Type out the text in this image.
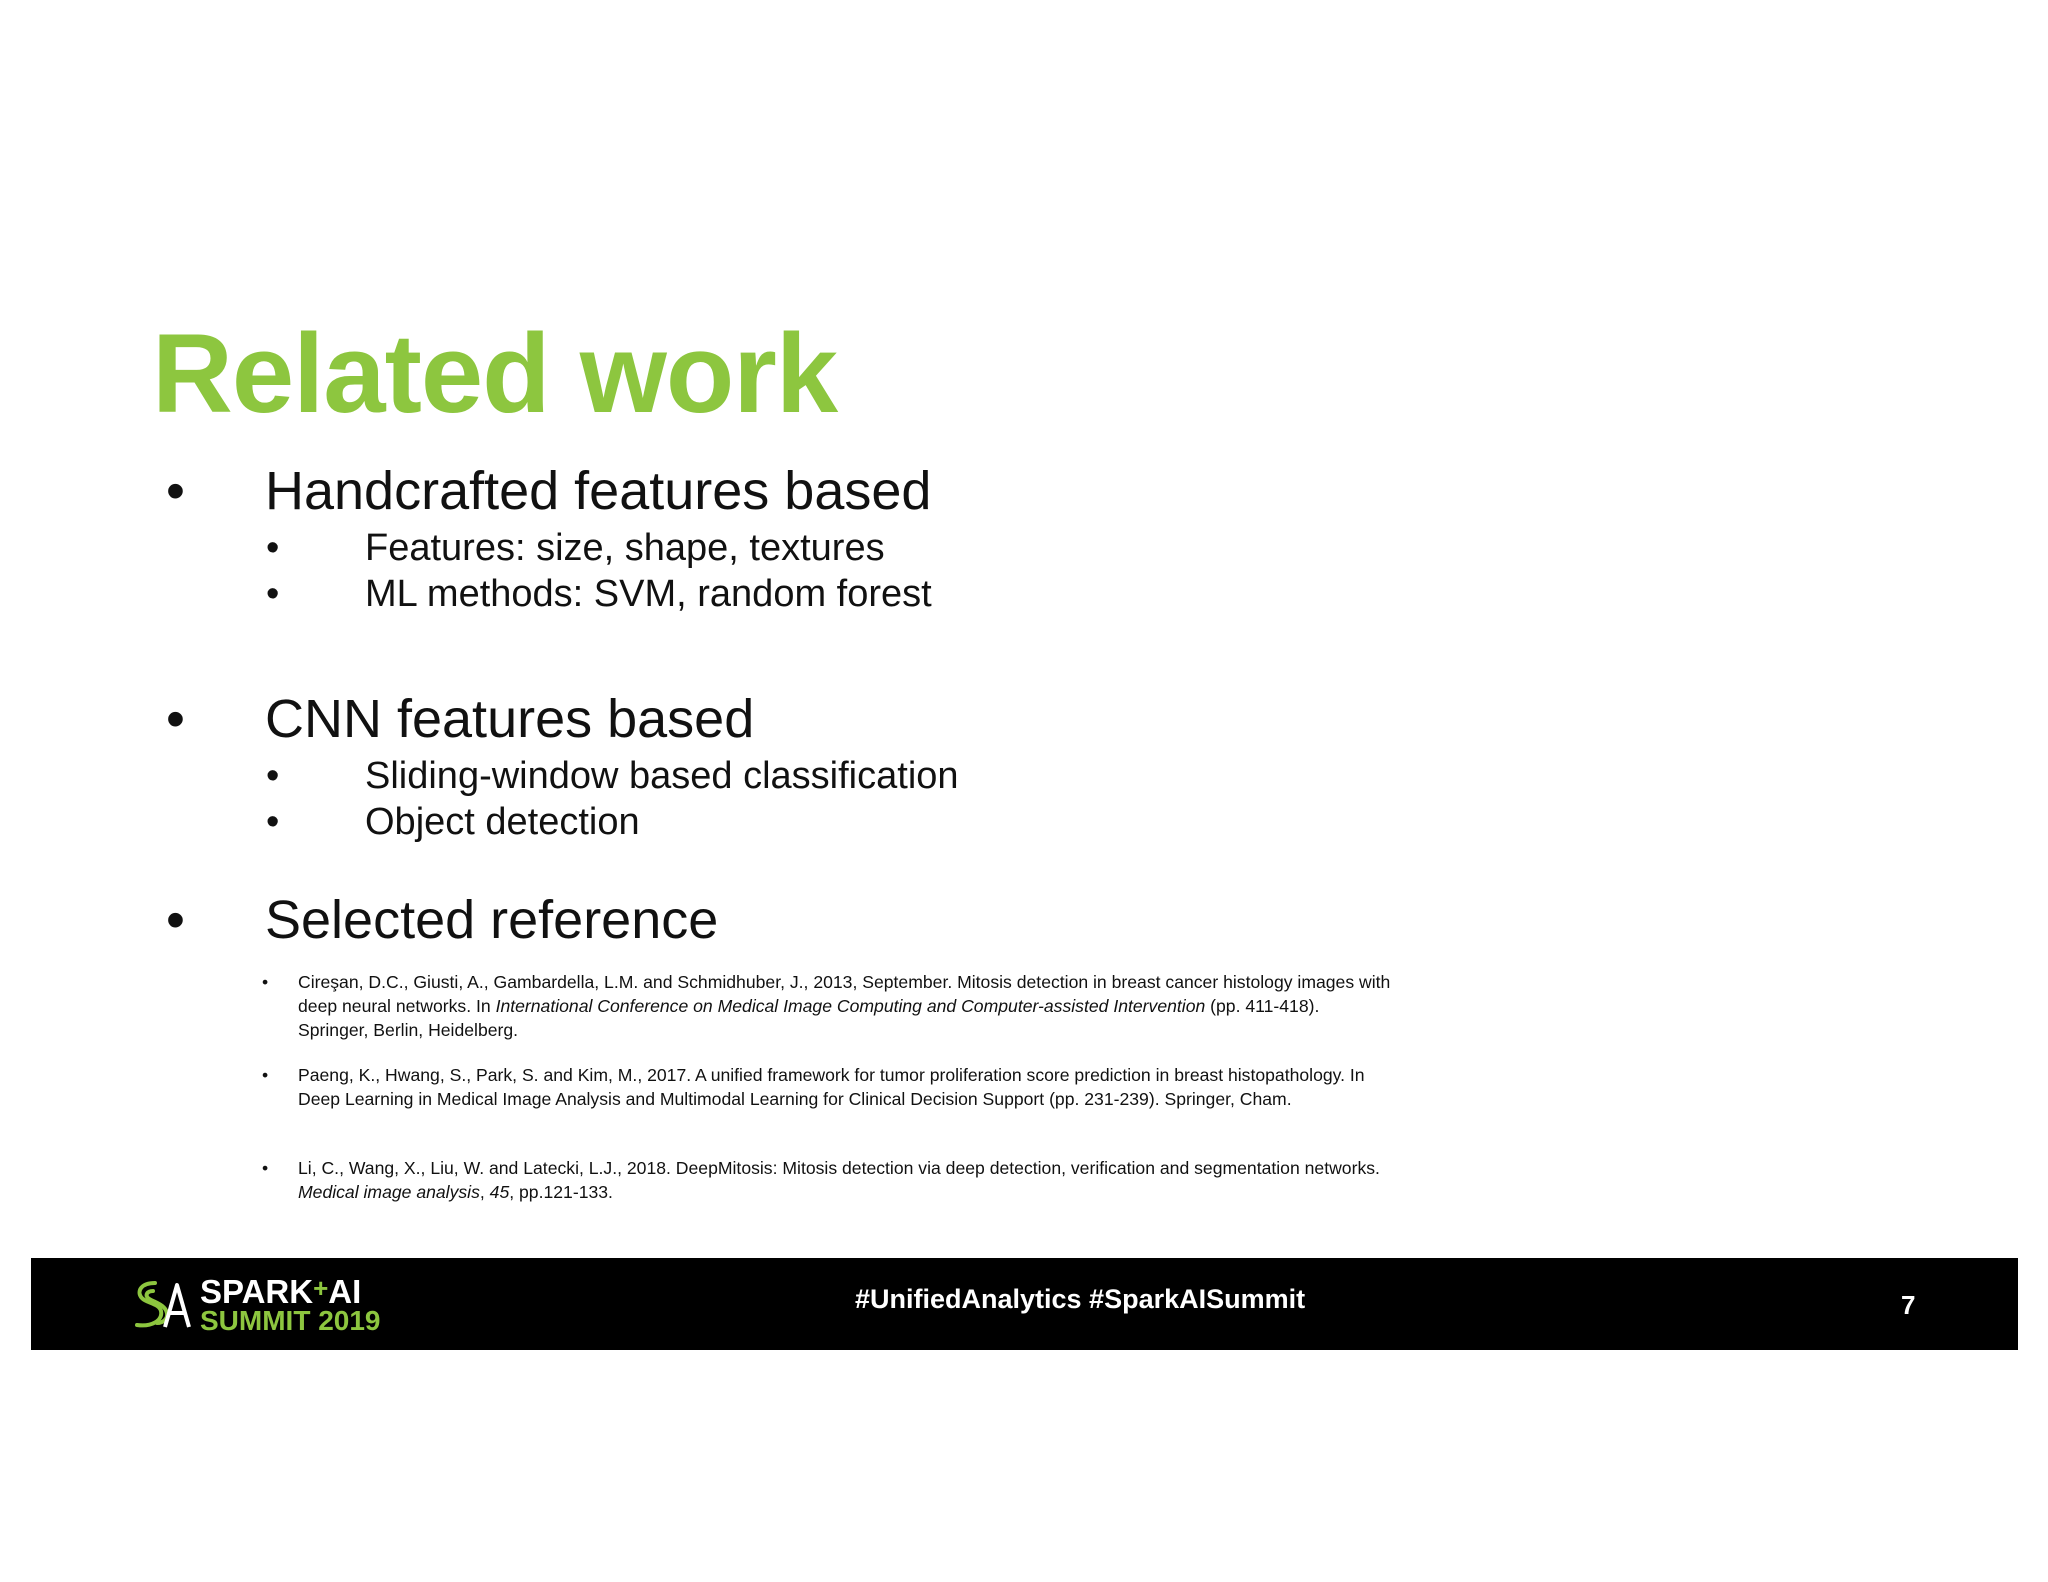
Related work
• Handcrafted features based
• Features: size, shape, textures
• ML methods: SVM, random forest
• CNN features based
• Sliding-window based classification
• Object detection
• Selected reference
• Cireşan, D.C., Giusti, A., Gambardella, L.M. and Schmidhuber, J., 2013, September. Mitosis detection in breast cancer histology images with deep neural networks. In International Conference on Medical Image Computing and Computer-assisted Intervention (pp. 411-418). Springer, Berlin, Heidelberg.
• Paeng, K., Hwang, S., Park, S. and Kim, M., 2017. A unified framework for tumor proliferation score prediction in breast histopathology. In Deep Learning in Medical Image Analysis and Multimodal Learning for Clinical Decision Support (pp. 231-239). Springer, Cham.
• Li, C., Wang, X., Liu, W. and Latecki, L.J., 2018. DeepMitosis: Mitosis detection via deep detection, verification and segmentation networks. Medical image analysis, 45, pp.121-133.
SPARK+AI
SUMMIT 2019
#UnifiedAnalytics #SparkAISummit	7
